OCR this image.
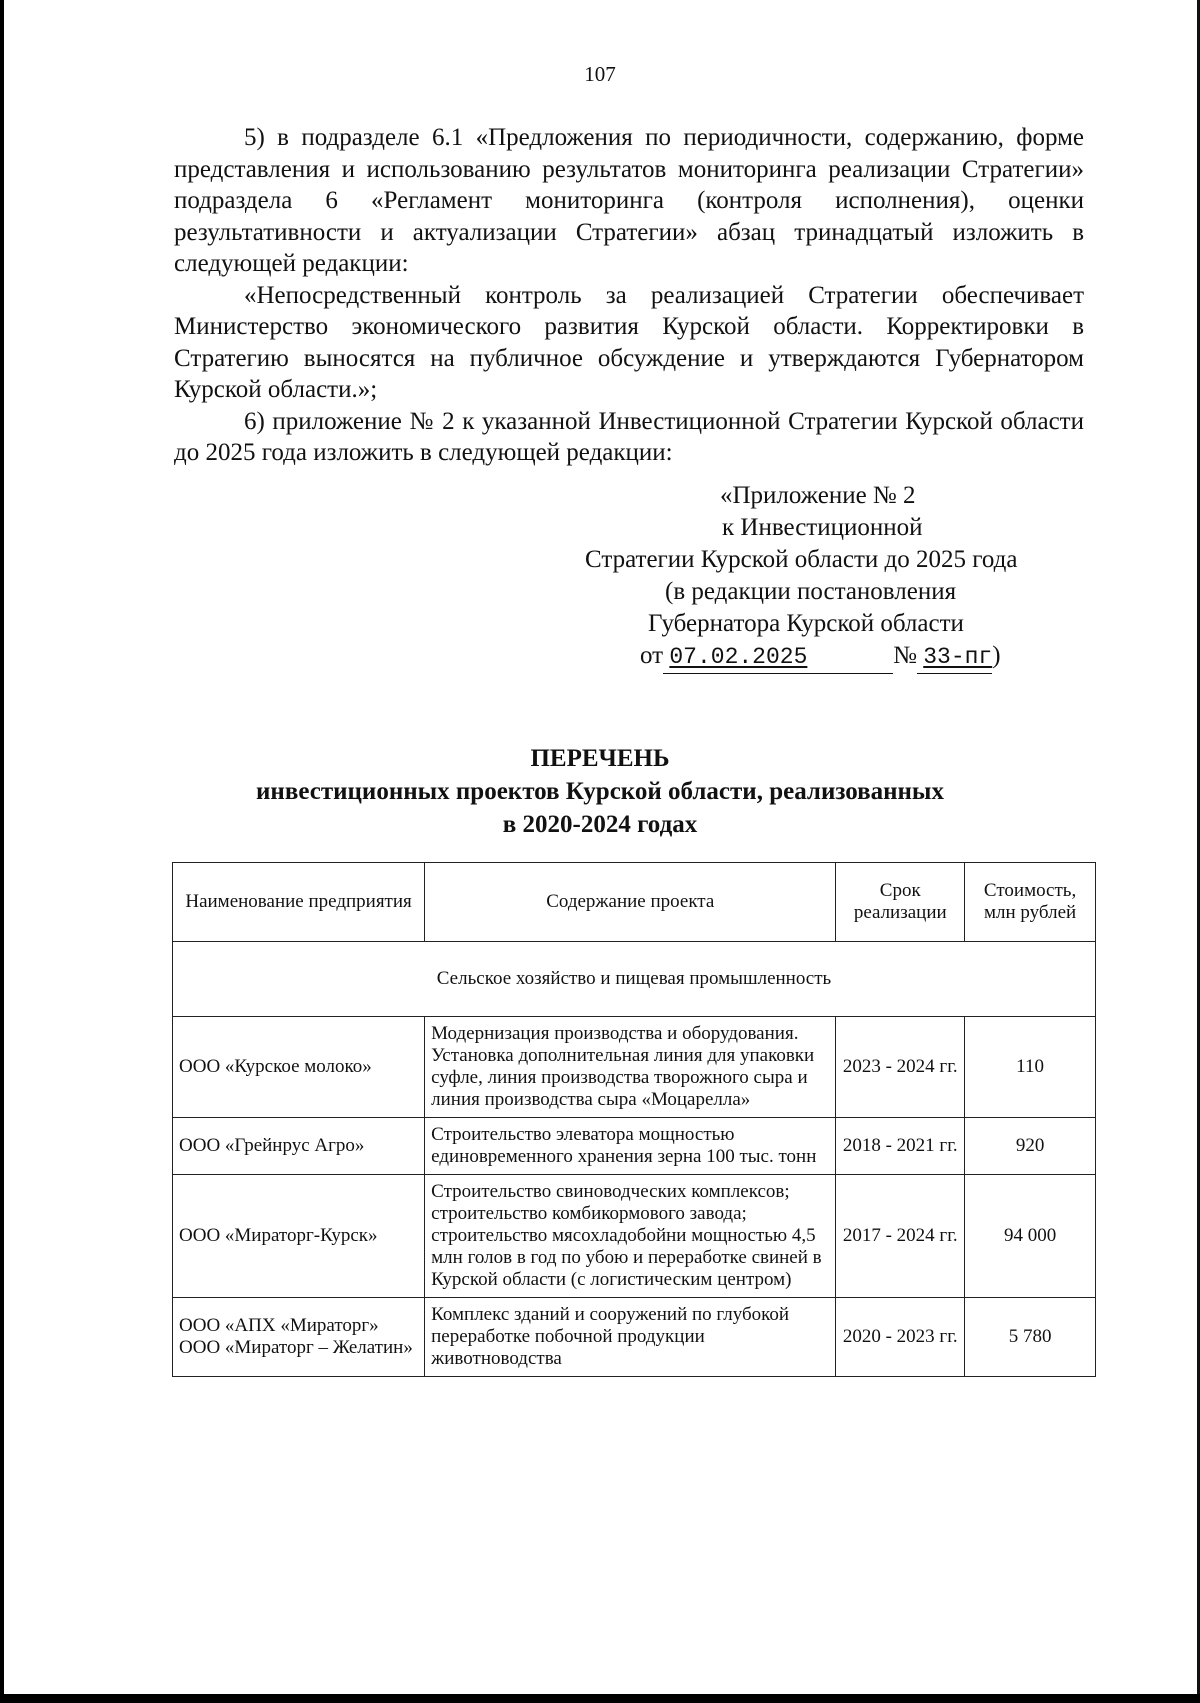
107

5) в подразделе 6.1 «Предложения по периодичности, содержанию, форме представления и использованию результатов мониторинга реализации Стратегии» подраздела 6 «Регламент мониторинга (контроля исполнения), оценки результативности и актуализации Стратегии» абзац тринадцатый изложить в следующей редакции:

«Непосредственный контроль за реализацией Стратегии обеспечивает Министерство экономического развития Курской области. Корректировки в Стратегию выносятся на публичное обсуждение и утверждаются Губернатором Курской области.»;

6) приложение № 2 к указанной Инвестиционной Стратегии Курской области до 2025 года изложить в следующей редакции:

«Приложение № 2
к Инвестиционной
Стратегии Курской области до 2025 года
(в редакции постановления
Губернатора Курской области
от 07.02.2025	№ 33-пг)
ПЕРЕЧЕНЬ
инвестиционных проектов Курской области, реализованных
в 2020-2024 годах
Наименование предприятия	Содержание проекта	Срок реализации	Стоимость, млн рублей
Сельское хозяйство и пищевая промышленность			
ООО «Курское молоко»	Модернизация производства и оборудования. Установка дополнительная линия для упаковки суфле, линия производства творожного сыра и линия производства сыра «Моцарелла»	2023 - 2024 гг.	110
ООО «Грейнрус Агро»	Строительство элеватора мощностью единовременного хранения зерна 100 тыс. тонн	2018 - 2021 гг.	920
ООО «Мираторг-Курск»	Строительство свиноводческих комплексов; строительство комбикормового завода; строительство мясохладобойни мощностью 4,5 млн голов в год по убою и переработке свиней в Курской области (с логистическим центром)	2017 - 2024 гг.	94 000
ООО «АПХ «Мираторг» ООО «Мираторг – Желатин»	Комплекс зданий и сооружений по глубокой переработке побочной продукции животноводства	2020 - 2023 гг.	5 780
